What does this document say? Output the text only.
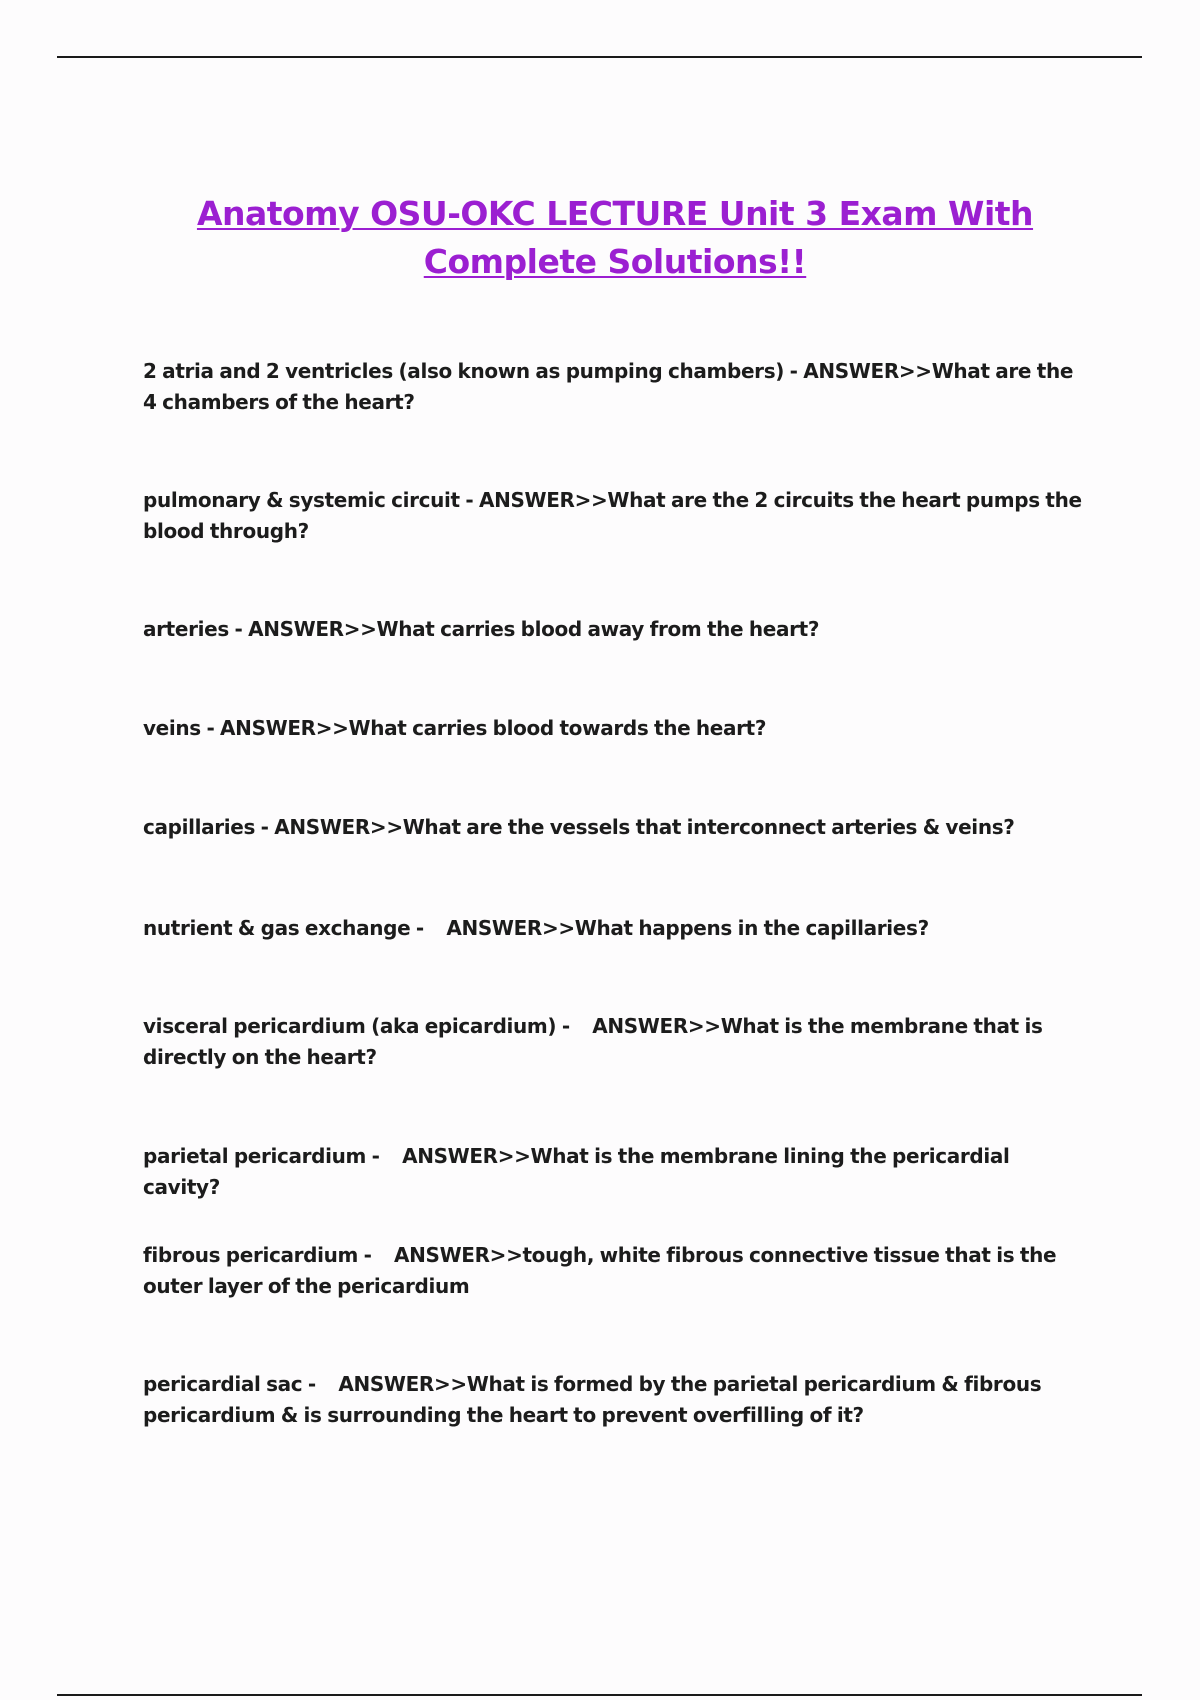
Anatomy OSU-OKC LECTURE Unit 3 Exam With Complete Solutions!!
2 atria and 2 ventricles (also known as pumping chambers) - ANSWER>>What are the 4 chambers of the heart?
pulmonary & systemic circuit - ANSWER>>What are the 2 circuits the heart pumps the blood through?
arteries - ANSWER>>What carries blood away from the heart?
veins - ANSWER>>What carries blood towards the heart?
capillaries - ANSWER>>What are the vessels that interconnect arteries & veins?
nutrient & gas exchange - ANSWER>>What happens in the capillaries?
visceral pericardium (aka epicardium) - ANSWER>>What is the membrane that is directly on the heart?
parietal pericardium - ANSWER>>What is the membrane lining the pericardial cavity?
fibrous pericardium - ANSWER>>tough, white fibrous connective tissue that is the outer layer of the pericardium
pericardial sac - ANSWER>>What is formed by the parietal pericardium & fibrous pericardium & is surrounding the heart to prevent overfilling of it?
